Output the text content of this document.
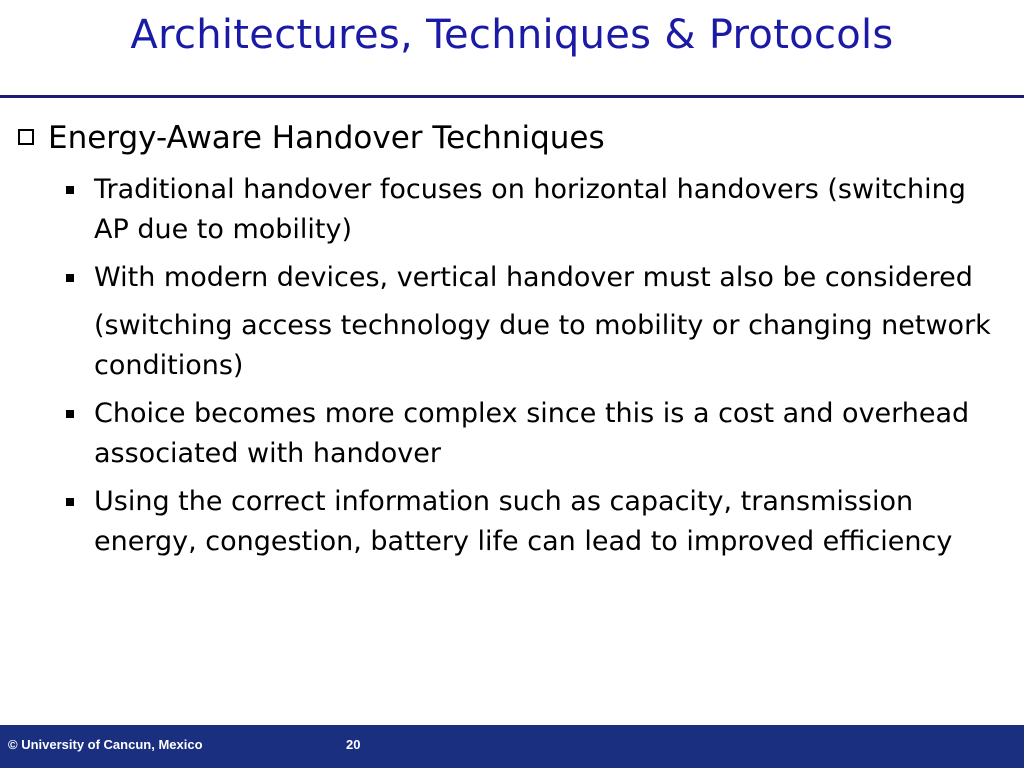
Architectures, Techniques & Protocols
Energy-Aware Handover Techniques
Traditional handover focuses on horizontal handovers (switching AP due to mobility)
With modern devices, vertical handover must also be considered
(switching access technology due to mobility or changing network conditions)
Choice becomes more complex since this is a cost and overhead associated with handover
Using the correct information such as capacity, transmission energy, congestion, battery life can lead to improved efficiency
© University of Cancun, Mexico	20
